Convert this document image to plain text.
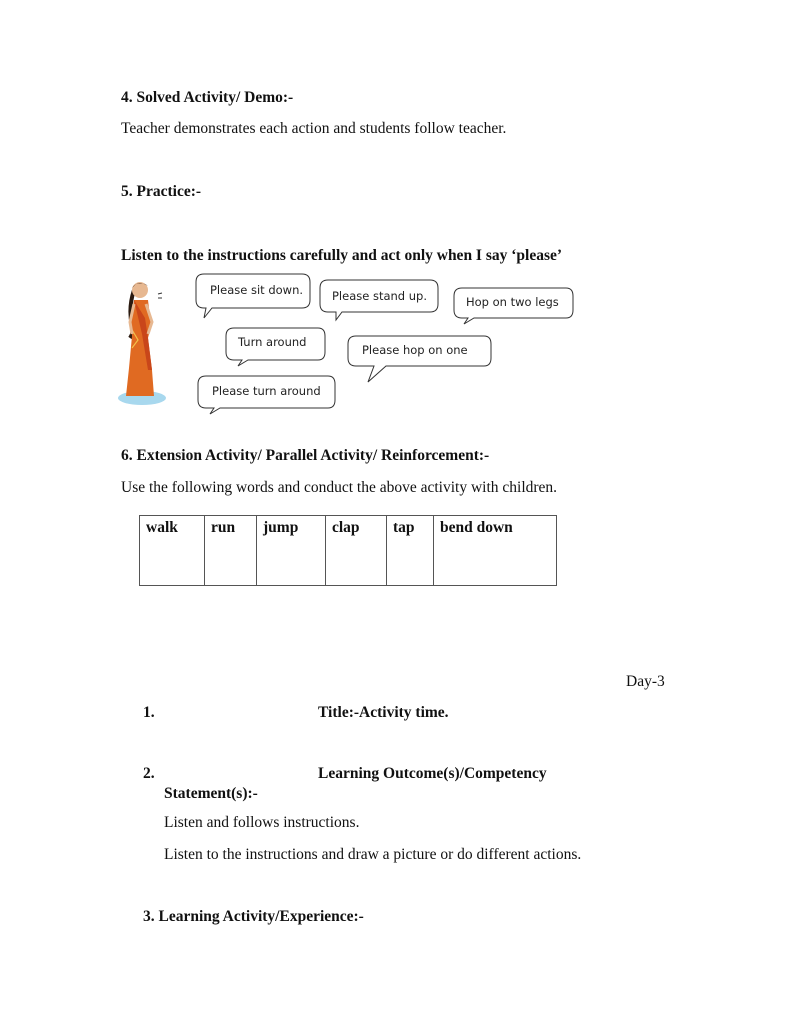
4. Solved Activity/ Demo:-
Teacher demonstrates each action and students follow teacher.
5. Practice:-
Listen to the instructions carefully and act only when I say ‘please’
Please sit down.	Please stand up.	Hop on two legs
Turn around
Please hop on one
Please turn around
6. Extension Activity/ Parallel Activity/ Reinforcement:-
Use the following words and conduct the above activity with children.
walk	run	jump	clap	tap	bend down
Day-3
1.	Title:-Activity time.
2.	Learning Outcome(s)/Competency
Statement(s):-
Listen and follows instructions.
Listen to the instructions and draw a picture or do different actions.
3. Learning Activity/Experience:-
